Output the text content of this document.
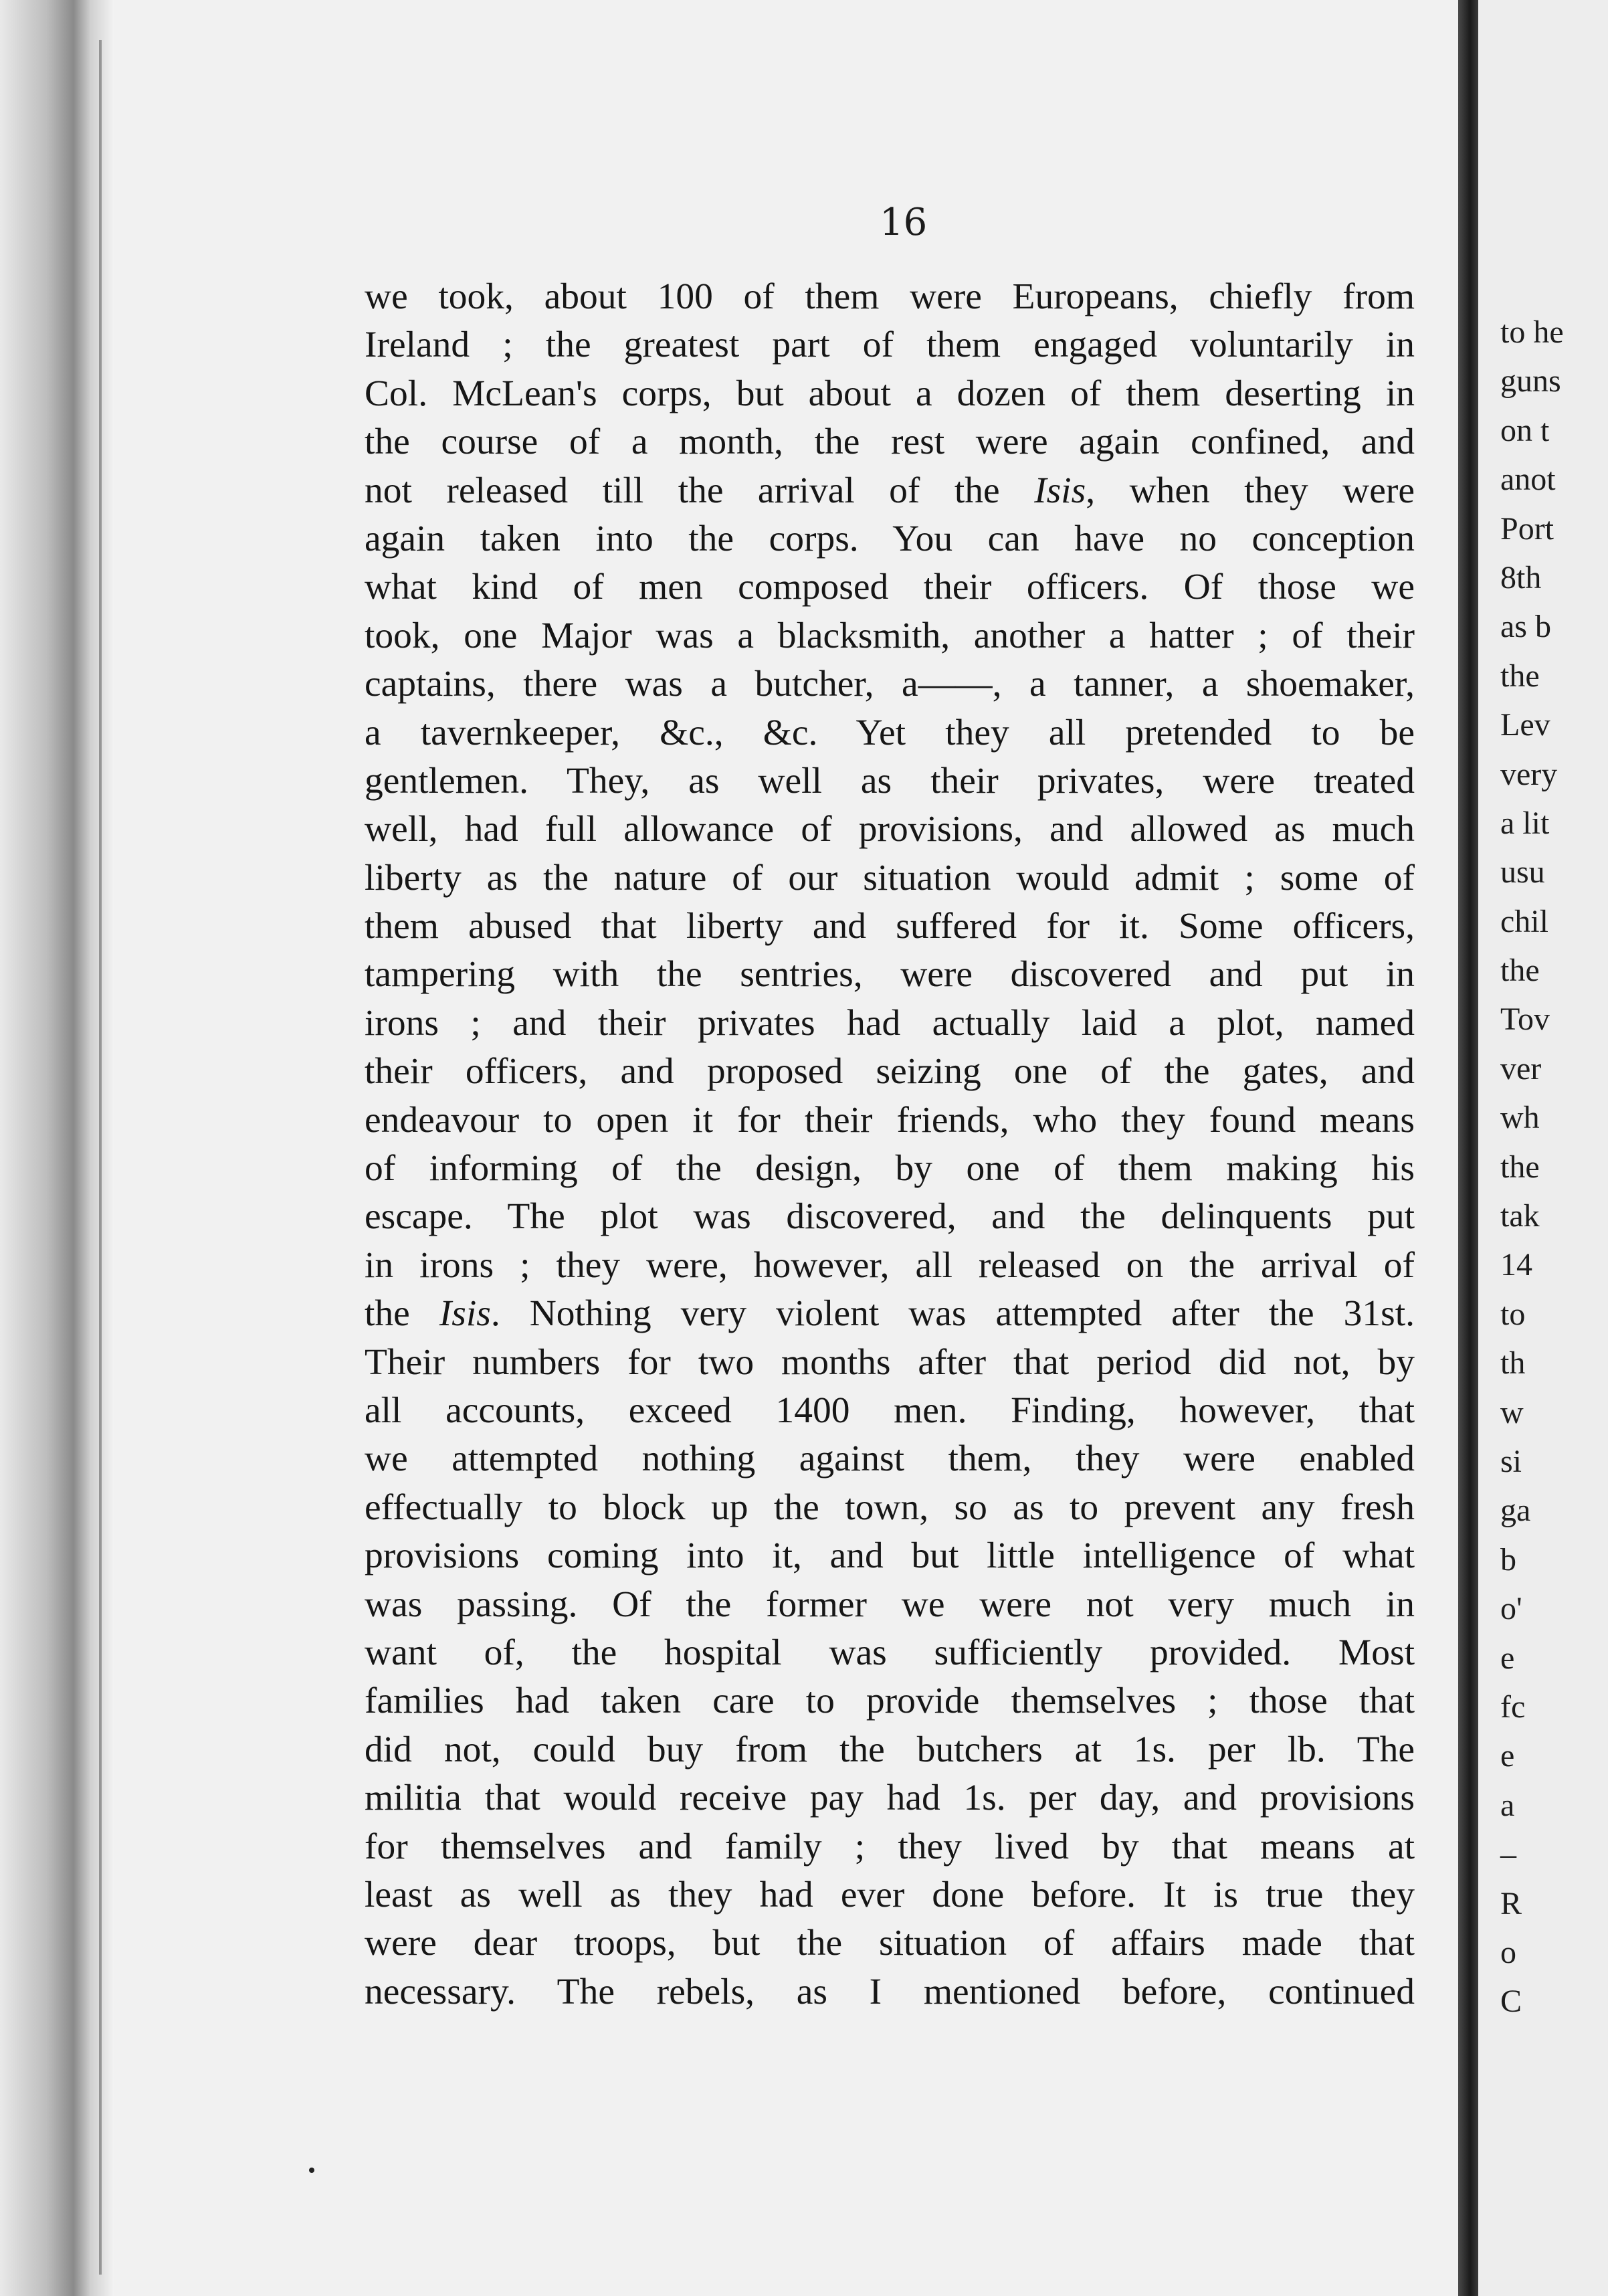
16
we took, about 100 of them were Europeans, chiefly from
Ireland ; the greatest part of them engaged voluntarily in
Col. McLean's corps, but about a dozen of them deserting in
the course of a month, the rest were again confined, and
not released till the arrival of the Isis, when they were
again taken into the corps. You can have no conception
what kind of men composed their officers. Of those we
took, one Major was a blacksmith, another a hatter ; of their
captains, there was a butcher, a——, a tanner, a shoemaker,
a tavernkeeper, &c., &c. Yet they all pretended to be
gentlemen. They, as well as their privates, were treated
well, had full allowance of provisions, and allowed as much
liberty as the nature of our situation would admit ; some of
them abused that liberty and suffered for it. Some officers,
tampering with the sentries, were discovered and put in
irons ; and their privates had actually laid a plot, named
their officers, and proposed seizing one of the gates, and
endeavour to open it for their friends, who they found means
of informing of the design, by one of them making his
escape. The plot was discovered, and the delinquents put
in irons ; they were, however, all released on the arrival of
the Isis. Nothing very violent was attempted after the 31st.
Their numbers for two months after that period did not, by
all accounts, exceed 1400 men. Finding, however, that
we attempted nothing against them, they were enabled
effectually to block up the town, so as to prevent any fresh
provisions coming into it, and but little intelligence of what
was passing. Of the former we were not very much in
want of, the hospital was sufficiently provided. Most
families had taken care to provide themselves ; those that
did not, could buy from the butchers at 1s. per lb. The
militia that would receive pay had 1s. per day, and provisions
for themselves and family ; they lived by that means at
least as well as they had ever done before. It is true they
were dear troops, but the situation of affairs made that
necessary. The rebels, as I mentioned before, continued
to he
guns
on t
anot
Port
8th
as b
the
Lev
very
a lit
usu
chil
the
Tov
ver
wh
the
tak
14
to
th
w
si
ga
b
o'
e
fc
e
a
–
R
o
C
